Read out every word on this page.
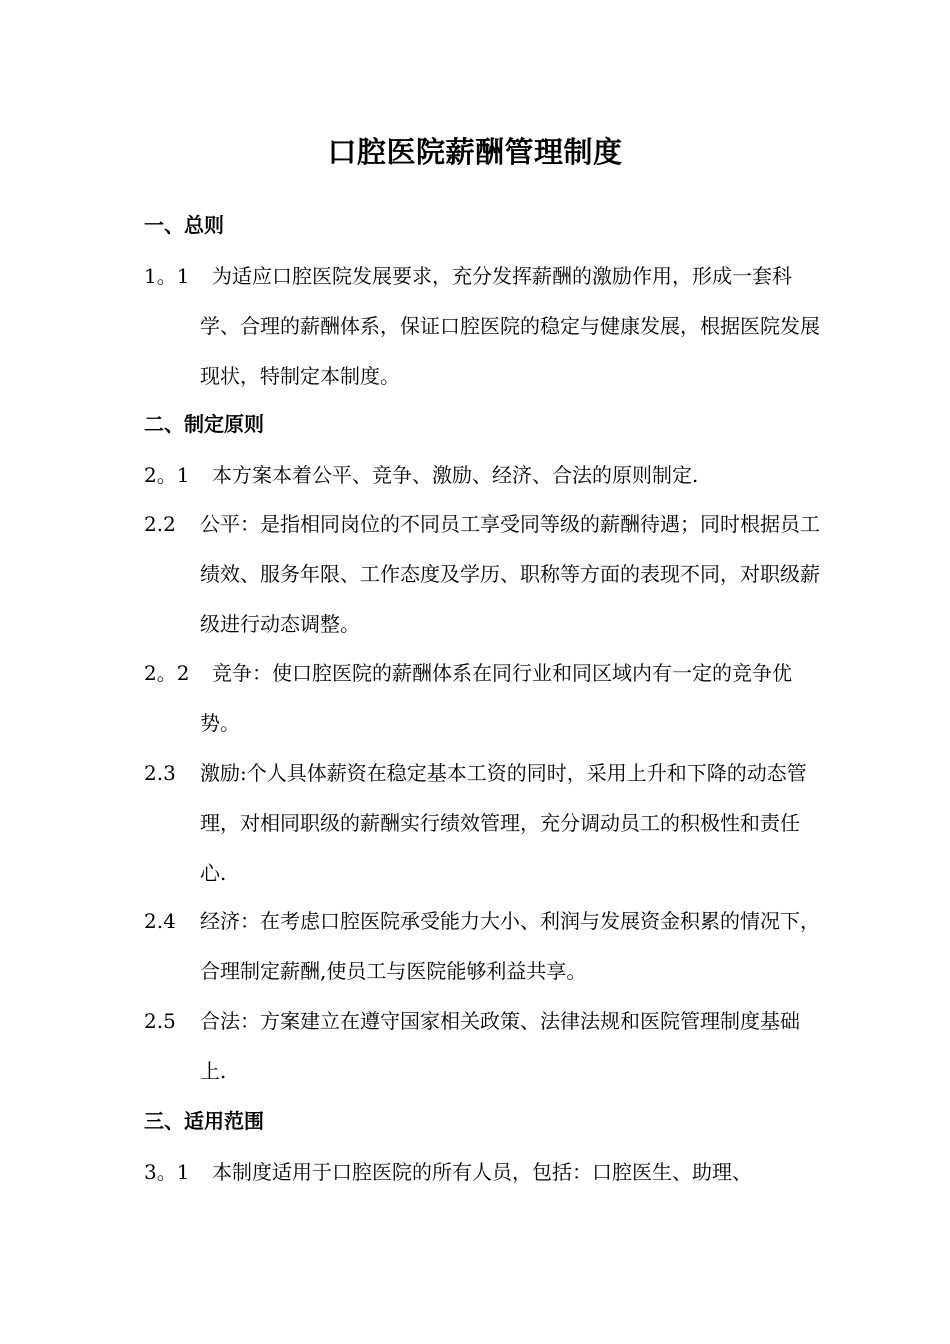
口腔医院薪酬管理制度
一、总则
1。1	为适应口腔医院发展要求，充分发挥薪酬的激励作用，形成一套科学、合理的薪酬体系，保证口腔医院的稳定与健康发展，根据医院发展现状，特制定本制度。
二、制定原则
2。1	本方案本着公平、竞争、激励、经济、合法的原则制定.
2.2 公平：是指相同岗位的不同员工享受同等级的薪酬待遇；同时根据员工绩效、服务年限、工作态度及学历、职称等方面的表现不同，对职级薪级进行动态调整。
2。2	竞争：使口腔医院的薪酬体系在同行业和同区域内有一定的竞争优势。
2.3 激励:个人具体薪资在稳定基本工资的同时，采用上升和下降的动态管理，对相同职级的薪酬实行绩效管理，充分调动员工的积极性和责任心.
2.4 经济：在考虑口腔医院承受能力大小、利润与发展资金积累的情况下，合理制定薪酬,使员工与医院能够利益共享。
2.5 合法：方案建立在遵守国家相关政策、法律法规和医院管理制度基础上.
三、适用范围
3。1	本制度适用于口腔医院的所有人员，包括：口腔医生、助理、
